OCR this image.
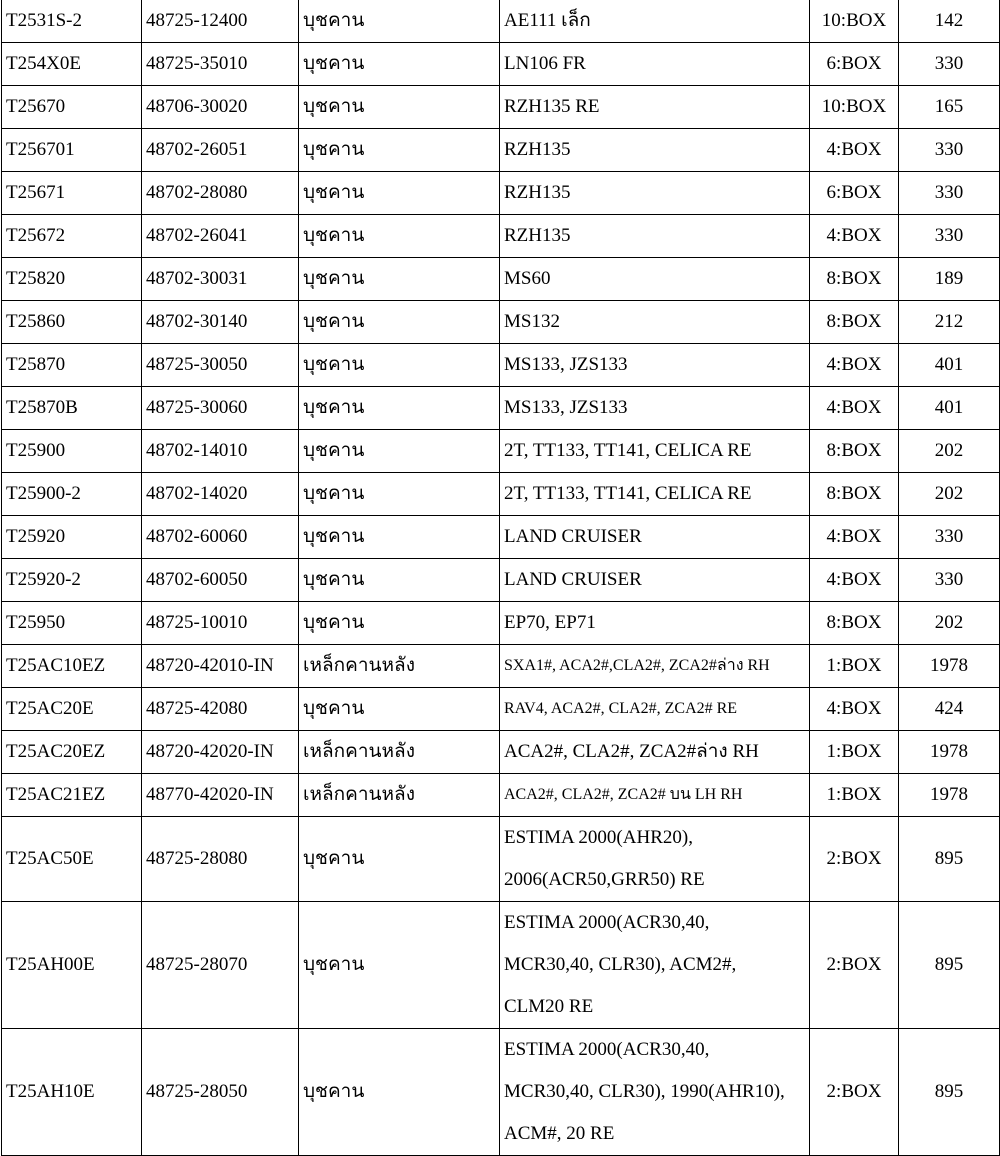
T2531S-2	48725-12400	บุชคาน	AE111 เล็ก	10:BOX	142
T254X0E	48725-35010	บุชคาน	LN106 FR	6:BOX	330
T25670	48706-30020	บุชคาน	RZH135 RE	10:BOX	165
T256701	48702-26051	บุชคาน	RZH135	4:BOX	330
T25671	48702-28080	บุชคาน	RZH135	6:BOX	330
T25672	48702-26041	บุชคาน	RZH135	4:BOX	330
T25820	48702-30031	บุชคาน	MS60	8:BOX	189
T25860	48702-30140	บุชคาน	MS132	8:BOX	212
T25870	48725-30050	บุชคาน	MS133, JZS133	4:BOX	401
T25870B	48725-30060	บุชคาน	MS133, JZS133	4:BOX	401
T25900	48702-14010	บุชคาน	2T, TT133, TT141, CELICA RE	8:BOX	202
T25900-2	48702-14020	บุชคาน	2T, TT133, TT141, CELICA RE	8:BOX	202
T25920	48702-60060	บุชคาน	LAND CRUISER	4:BOX	330
T25920-2	48702-60050	บุชคาน	LAND CRUISER	4:BOX	330
T25950	48725-10010	บุชคาน	EP70, EP71	8:BOX	202
T25AC10EZ	48720-42010-IN	เหล็กคานหลัง	SXA1#, ACA2#,CLA2#, ZCA2#ล่าง RH	1:BOX	1978
T25AC20E	48725-42080	บุชคาน	RAV4, ACA2#, CLA2#, ZCA2# RE	4:BOX	424
T25AC20EZ	48720-42020-IN	เหล็กคานหลัง	ACA2#, CLA2#, ZCA2#ล่าง RH	1:BOX	1978
T25AC21EZ	48770-42020-IN	เหล็กคานหลัง	ACA2#, CLA2#, ZCA2# บน LH RH	1:BOX	1978
T25AC50E	48725-28080	บุชคาน	ESTIMA 2000(AHR20),
2006(ACR50,GRR50) RE	2:BOX	895
T25AH00E	48725-28070	บุชคาน	ESTIMA 2000(ACR30,40,
MCR30,40, CLR30), ACM2#,
CLM20 RE	2:BOX	895
T25AH10E	48725-28050	บุชคาน	ESTIMA 2000(ACR30,40,
MCR30,40, CLR30), 1990(AHR10),
ACM#, 20 RE	2:BOX	895
